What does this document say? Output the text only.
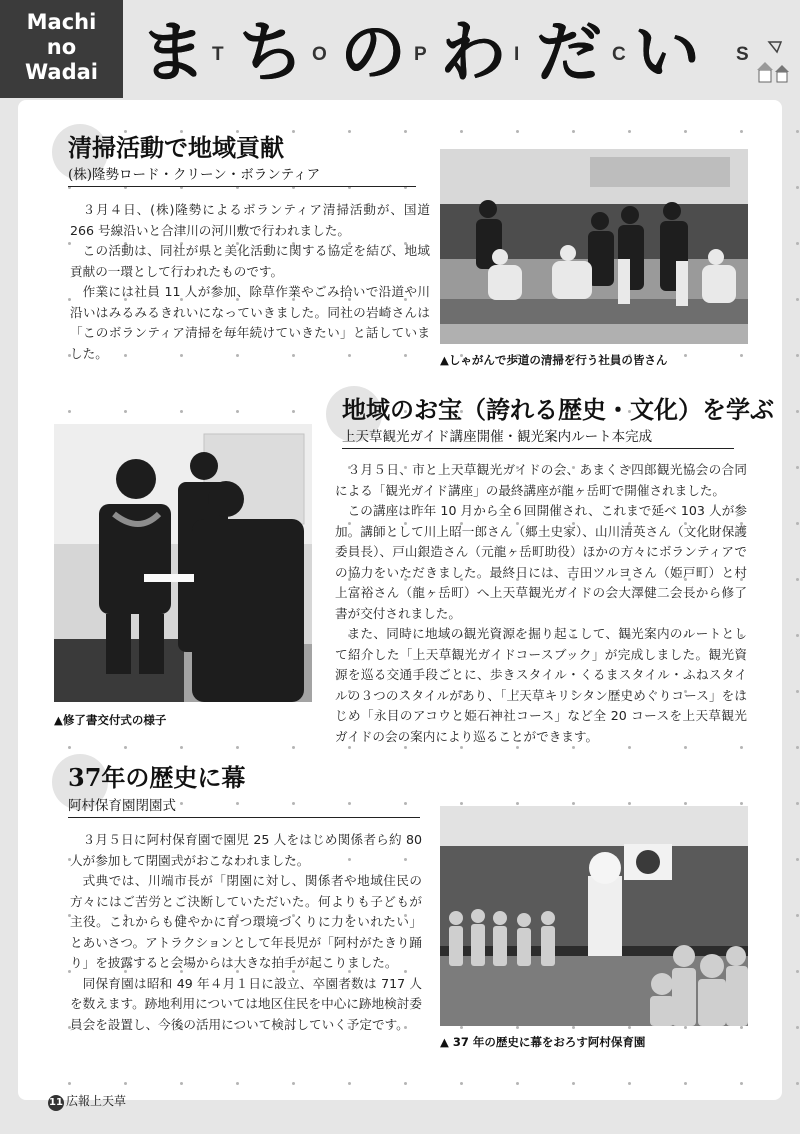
Machi
no
Wadai ま T ち O の P わ I だ C い S
清掃活動で地域貢献
(株)隆勢ロード・クリーン・ボランティア

３月４日、(株)隆勢によるボランティア清掃活動が、国道 266 号線沿いと合津川の河川敷で行われました。

この活動は、同社が県と美化活動に関する協定を結び、地域貢献の一環として行われたものです。

作業には社員 11 人が参加、除草作業やごみ拾いで沿道や川沿いはみるみるきれいになっていきました。同社の岩崎さんは「このボランティア清掃を毎年続けていきたい」と話していました。	▲しゃがんで歩道の清掃を行う社員の皆さん
地域のお宝（誇れる歴史・文化）を学ぶ
上天草観光ガイド講座開催・観光案内ルート本完成

３月５日、市と上天草観光ガイドの会、あまくさ四郎観光協会の合同による「観光ガイド講座」の最終講座が龍ヶ岳町で開催されました。

この講座は昨年 10 月から全６回開催され、これまで延べ 103 人が参加。講師として川上昭一郎さん（郷土史家）、山川清英さん（文化財保護委員長）、戸山銀造さん（元龍ヶ岳町助役）ほかの方々にボランティアでの協力をいただきました。最終日には、吉田ツルヨさん（姫戸町）と村上富裕さん（龍ヶ岳町）へ上天草観光ガイドの会大澤健二会長から修了書が交付されました。

また、同時に地域の観光資源を掘り起こして、観光案内のルートとして紹介した「上天草観光ガイドコースブック」が完成しました。観光資源を巡る交通手段ごとに、歩きスタイル・くるまスタイル・ふねスタイルの３つのスタイルがあり、「上天草キリシタン歴史めぐりコース」をはじめ「永目のアコウと姫石神社コース」など全 20 コースを上天草観光ガイドの会の案内により巡ることができます。

▲修了書交付式の様子
37年の歴史に幕
阿村保育園閉園式

３月５日に阿村保育園で園児 25 人をはじめ関係者ら約 80 人が参加して閉園式がおこなわれました。

式典では、川端市長が「閉園に対し、関係者や地域住民の方々にはご苦労とご決断していただいた。何よりも子どもが主役。これからも健やかに育つ環境づくりに力をいれたい」とあいさつ。アトラクションとして年長児が「阿村がたきり踊り」を披露すると会場からは大きな拍手が起こりました。

同保育園は昭和 49 年４月１日に設立、卒園者数は 717 人を数えます。跡地利用については地区住民を中心に跡地検討委員会を設置し、今後の活用について検討していく予定です。

▲ 37 年の歴史に幕をおろす阿村保育園
11 広報上天草
